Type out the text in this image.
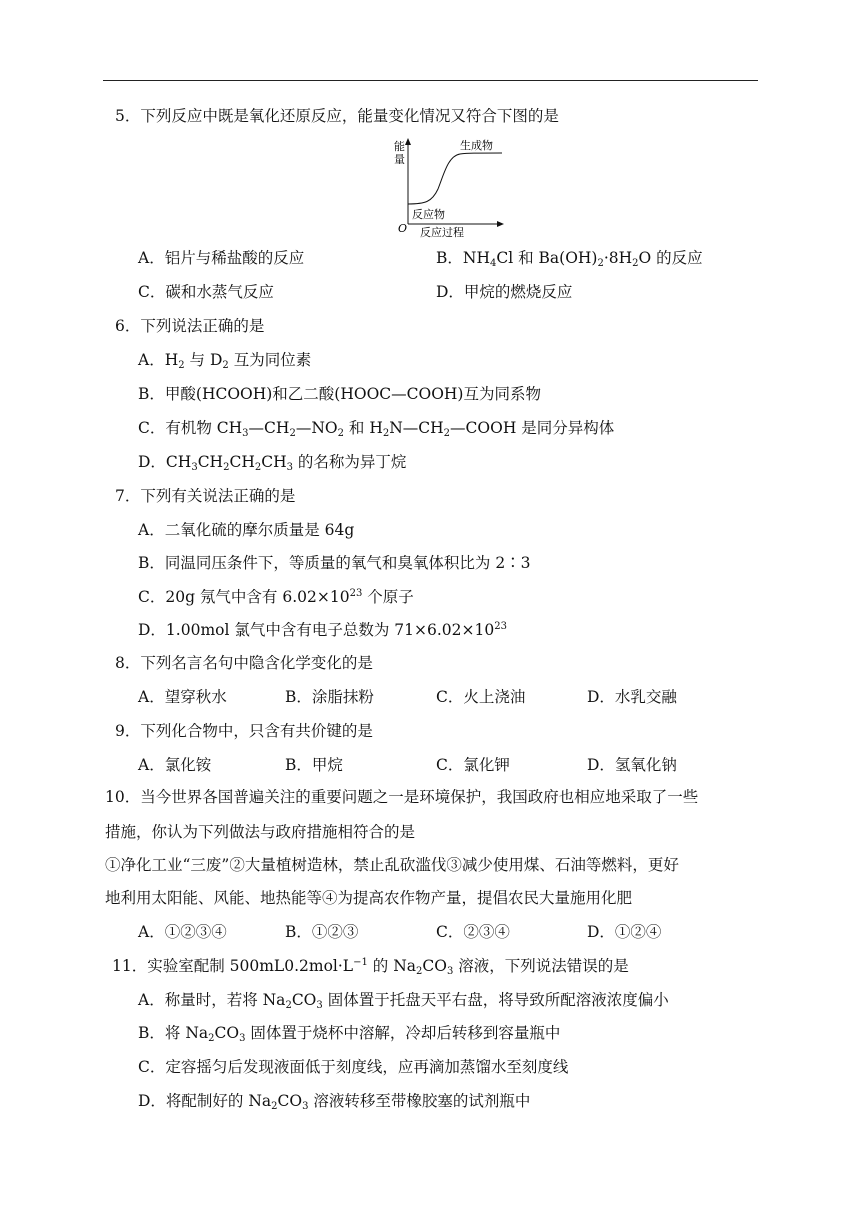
5．下列反应中既是氧化还原反应，能量变化情况又符合下图的是
能
量
生成物
反应物
O 反应过程
A．铝片与稀盐酸的反应	B．$NH_4Cl$ 和 $Ba(OH)_2\cdot 8H_2O$ 的反应
C．碳和水蒸气反应	D．甲烷的燃烧反应
6．下列说法正确的是
A．$H_2$ 与 $D_2$ 互为同位素
B．甲酸(HCOOH)和乙二酸(HOOC—COOH)互为同系物
C．有机物 $CH_3—CH_2—NO_2$ 和 $H_2N—CH_2—COOH$ 是同分异构体
D．$CH_3CH_2CH_2CH_3$ 的名称为异丁烷
7．下列有关说法正确的是
A．二氧化硫的摩尔质量是 64g
B．同温同压条件下，等质量的氧气和臭氧体积比为 2∶3
C．20g 氖气中含有 $6.02\times 10^{23}$ 个原子
D．1.00mol 氯气中含有电子总数为 $71\times 6.02\times 10^{23}$
8．下列名言名句中隐含化学变化的是
A．望穿秋水	B．涂脂抹粉	C．火上浇油	D．水乳交融
9．下列化合物中，只含有共价键的是
A．氯化铵	B．甲烷	C．氯化钾	D．氢氧化钠
10．当今世界各国普遍关注的重要问题之一是环境保护，我国政府也相应地采取了一些
措施，你认为下列做法与政府措施相符合的是
①净化工业“三废”②大量植树造林，禁止乱砍滥伐③减少使用煤、石油等燃料，更好
地利用太阳能、风能、地热能等④为提高农作物产量，提倡农民大量施用化肥
A．①②③④	B．①②③	C．②③④	D．①②④
11．实验室配制 $500mL0.2mol\cdot L^{-1}$ 的 $Na_2CO_3$ 溶液，下列说法错误的是
A．称量时，若将 $Na_2CO_3$ 固体置于托盘天平右盘，将导致所配溶液浓度偏小
B．将 $Na_2CO_3$ 固体置于烧杯中溶解，冷却后转移到容量瓶中
C．定容摇匀后发现液面低于刻度线，应再滴加蒸馏水至刻度线
D．将配制好的 $Na_2CO_3$ 溶液转移至带橡胶塞的试剂瓶中
